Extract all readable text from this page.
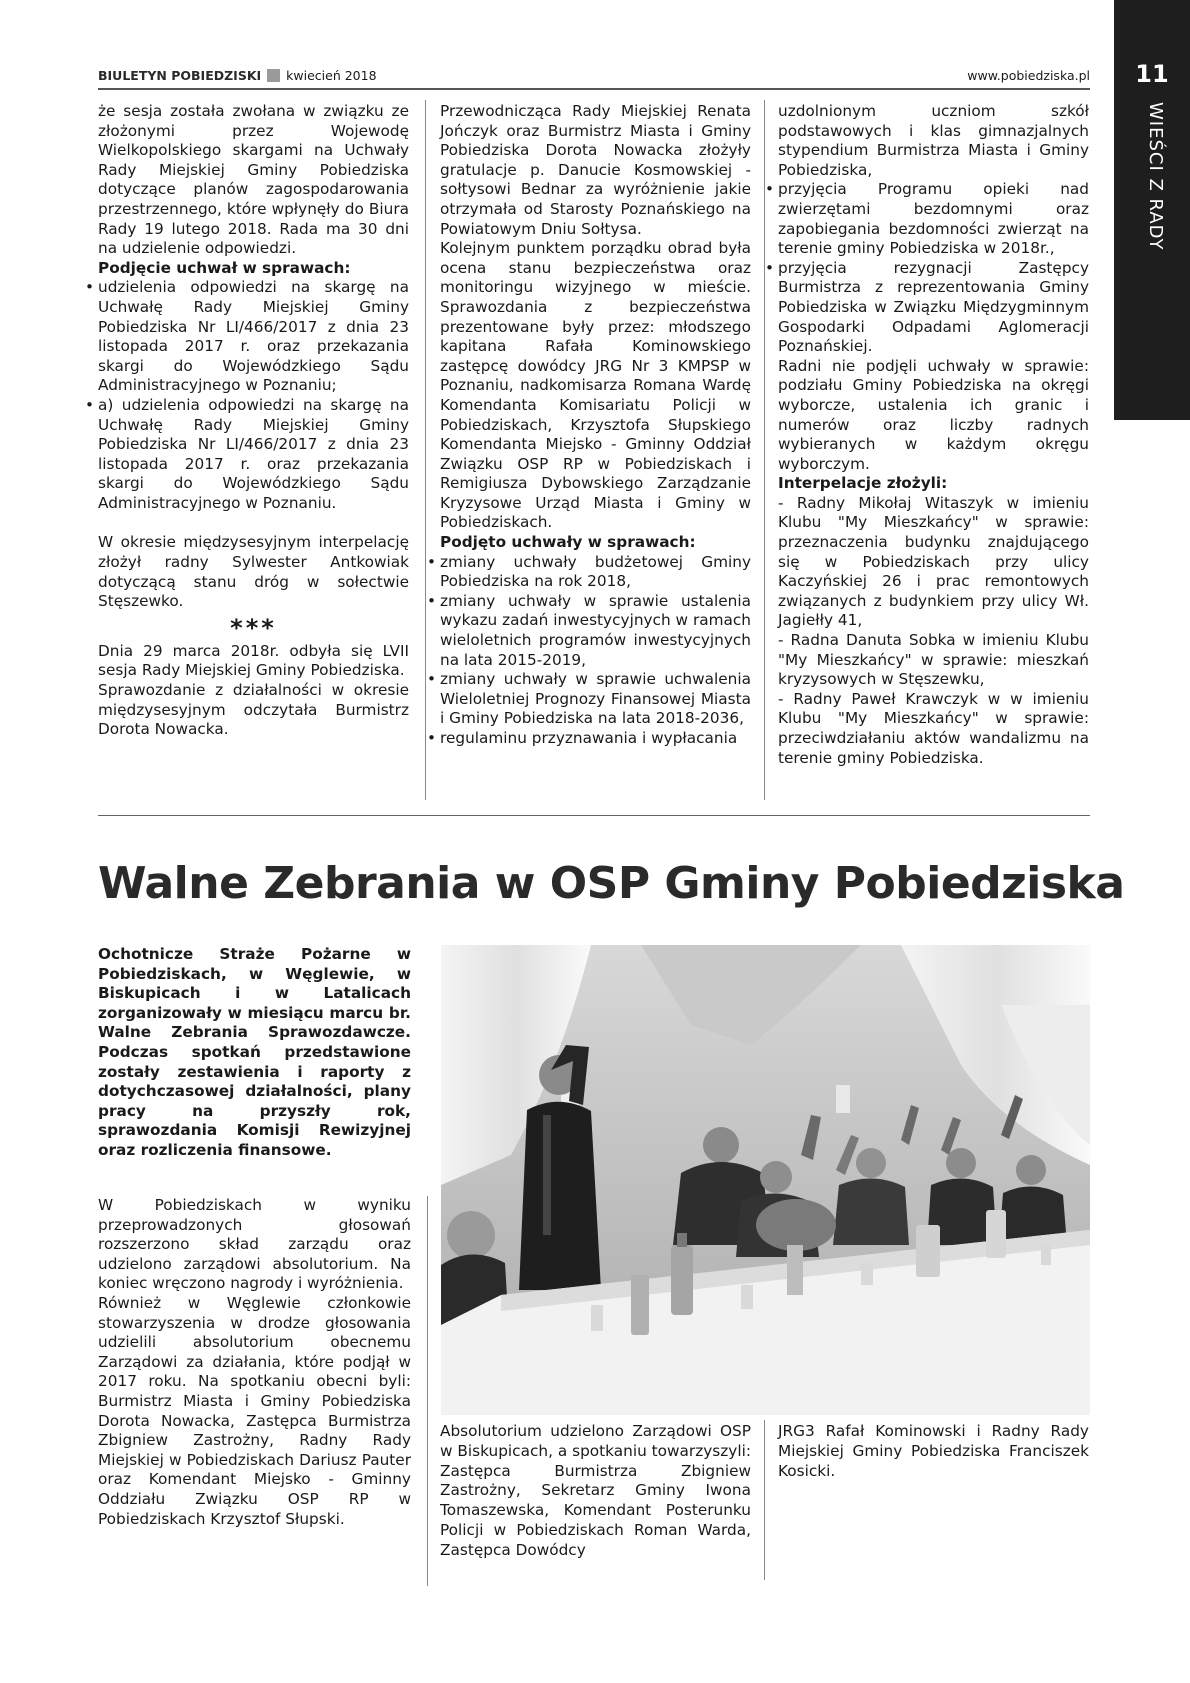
BIULETYN POBIEDZISKI kwiecień 2018	www.pobiedziska.pl	11
WIEŚCI Z RADY

że sesja została zwołana w związku ze złożonymi przez Wojewodę Wielkopolskiego skargami na Uchwały Rady Miejskiej Gminy Pobiedziska dotyczące planów zagospodarowania przestrzennego, które wpłynęły do Biura Rady 19 lutego 2018. Rada ma 30 dni na udzielenie odpowiedzi.

Podjęcie uchwał w sprawach:

• udzielenia odpowiedzi na skargę na Uchwałę Rady Miejskiej Gminy Pobiedziska Nr LI/466/2017 z dnia 23 listopada 2017 r. oraz przekazania skargi do Wojewódzkiego Sądu Administracyjnego w Poznaniu;
• a) udzielenia odpowiedzi na skargę na Uchwałę Rady Miejskiej Gminy Pobiedziska Nr LI/466/2017 z dnia 23 listopada 2017 r. oraz przekazania skargi do Wojewódzkiego Sądu Administracyjnego w Poznaniu.

W okresie międzysesyjnym interpelację złożył radny Sylwester Antkowiak dotyczącą stanu dróg w sołectwie Stęszewko.

***

Dnia 29 marca 2018r. odbyła się LVII sesja Rady Miejskiej Gminy Pobiedziska.

Sprawozdanie z działalności w okresie międzysesyjnym odczytała Burmistrz Dorota Nowacka.

Przewodnicząca Rady Miejskiej Renata Jończyk oraz Burmistrz Miasta i Gminy Pobiedziska Dorota Nowacka złożyły gratulacje p. Danucie Kosmowskiej - sołtysowi Bednar za wyróżnienie jakie otrzymała od Starosty Poznańskiego na Powiatowym Dniu Sołtysa.

Kolejnym punktem porządku obrad była ocena stanu bezpieczeństwa oraz monitoringu wizyjnego w mieście. Sprawozdania z bezpieczeństwa prezentowane były przez: młodszego kapitana Rafała Kominowskiego zastępcę dowódcy JRG Nr 3 KMPSP w Poznaniu, nadkomisarza Romana Wardę Komendanta Komisariatu Policji w Pobiedziskach, Krzysztofa Słupskiego Komendanta Miejsko - Gminny Oddział Związku OSP RP w Pobiedziskach i Remigiusza Dybowskiego Zarządzanie Kryzysowe Urząd Miasta i Gminy w Pobiedziskach.

Podjęto uchwały w sprawach:

• zmiany uchwały budżetowej Gminy Pobiedziska na rok 2018,
• zmiany uchwały w sprawie ustalenia wykazu zadań inwestycyjnych w ramach wieloletnich programów inwestycyjnych na lata 2015-2019,
• zmiany uchwały w sprawie uchwalenia Wieloletniej Prognozy Finansowej Miasta i Gminy Pobiedziska na lata 2018-2036,
• regulaminu przyznawania i wypłacania

uzdolnionym uczniom szkół podstawowych i klas gimnazjalnych stypendium Burmistrza Miasta i Gminy Pobiedziska,

• przyjęcia Programu opieki nad zwierzętami bezdomnymi oraz zapobiegania bezdomności zwierząt na terenie gminy Pobiedziska w 2018r.,
• przyjęcia rezygnacji Zastępcy Burmistrza z reprezentowania Gminy Pobiedziska w Związku Międzygminnym Gospodarki Odpadami Aglomeracji Poznańskiej.

Radni nie podjęli uchwały w sprawie: podziału Gminy Pobiedziska na okręgi wyborcze, ustalenia ich granic i numerów oraz liczby radnych wybieranych w każdym okręgu wyborczym.

Interpelacje złożyli:

- Radny Mikołaj Witaszyk w imieniu Klubu "My Mieszkańcy" w sprawie: przeznaczenia budynku znajdującego się w Pobiedziskach przy ulicy Kaczyńskiej 26 i prac remontowych związanych z budynkiem przy ulicy Wł. Jagiełły 41,

- Radna Danuta Sobka w imieniu Klubu "My Mieszkańcy" w sprawie: mieszkań kryzysowych w Stęszewku,

- Radny Paweł Krawczyk w w imieniu Klubu "My Mieszkańcy" w sprawie: przeciwdziałaniu aktów wandalizmu na terenie gminy Pobiedziska.

Walne Zebrania w OSP Gminy Pobiedziska
Ochotnicze Straże Pożarne w Pobiedziskach, w Węglewie, w Biskupicach i w Latalicach zorganizowały w miesiącu marcu br. Walne Zebrania Sprawozdawcze. Podczas spotkań przedstawione zostały zestawienia i raporty z dotychczasowej działalności, plany pracy na przyszły rok, sprawozdania Komisji Rewizyjnej oraz rozliczenia finansowe.

W Pobiedziskach w wyniku przeprowadzonych głosowań rozszerzono skład zarządu oraz udzielono zarządowi absolutorium. Na koniec wręczono nagrody i wyróżnienia.

Również w Węglewie członkowie stowarzyszenia w drodze głosowania udzielili absolutorium obecnemu Zarządowi za działania, które podjął w 2017 roku. Na spotkaniu obecni byli: Burmistrz Miasta i Gminy Pobiedziska Dorota Nowacka, Zastępca Burmistrza Zbigniew Zastrożny, Radny Rady Miejskiej w Pobiedziskach Dariusz Pauter oraz Komendant Miejsko - Gminny Oddziału Związku OSP RP w Pobiedziskach Krzysztof Słupski.

Absolutorium udzielono Zarządowi OSP w Biskupicach, a spotkaniu towarzyszyli: Zastępca Burmistrza Zbigniew Zastrożny, Sekretarz Gminy Iwona Tomaszewska, Komendant Posterunku Policji w Pobiedziskach Roman Warda, Zastępca Dowódcy
JRG3 Rafał Kominowski i Radny Rady Miejskiej Gminy Pobiedziska Franciszek Kosicki.
